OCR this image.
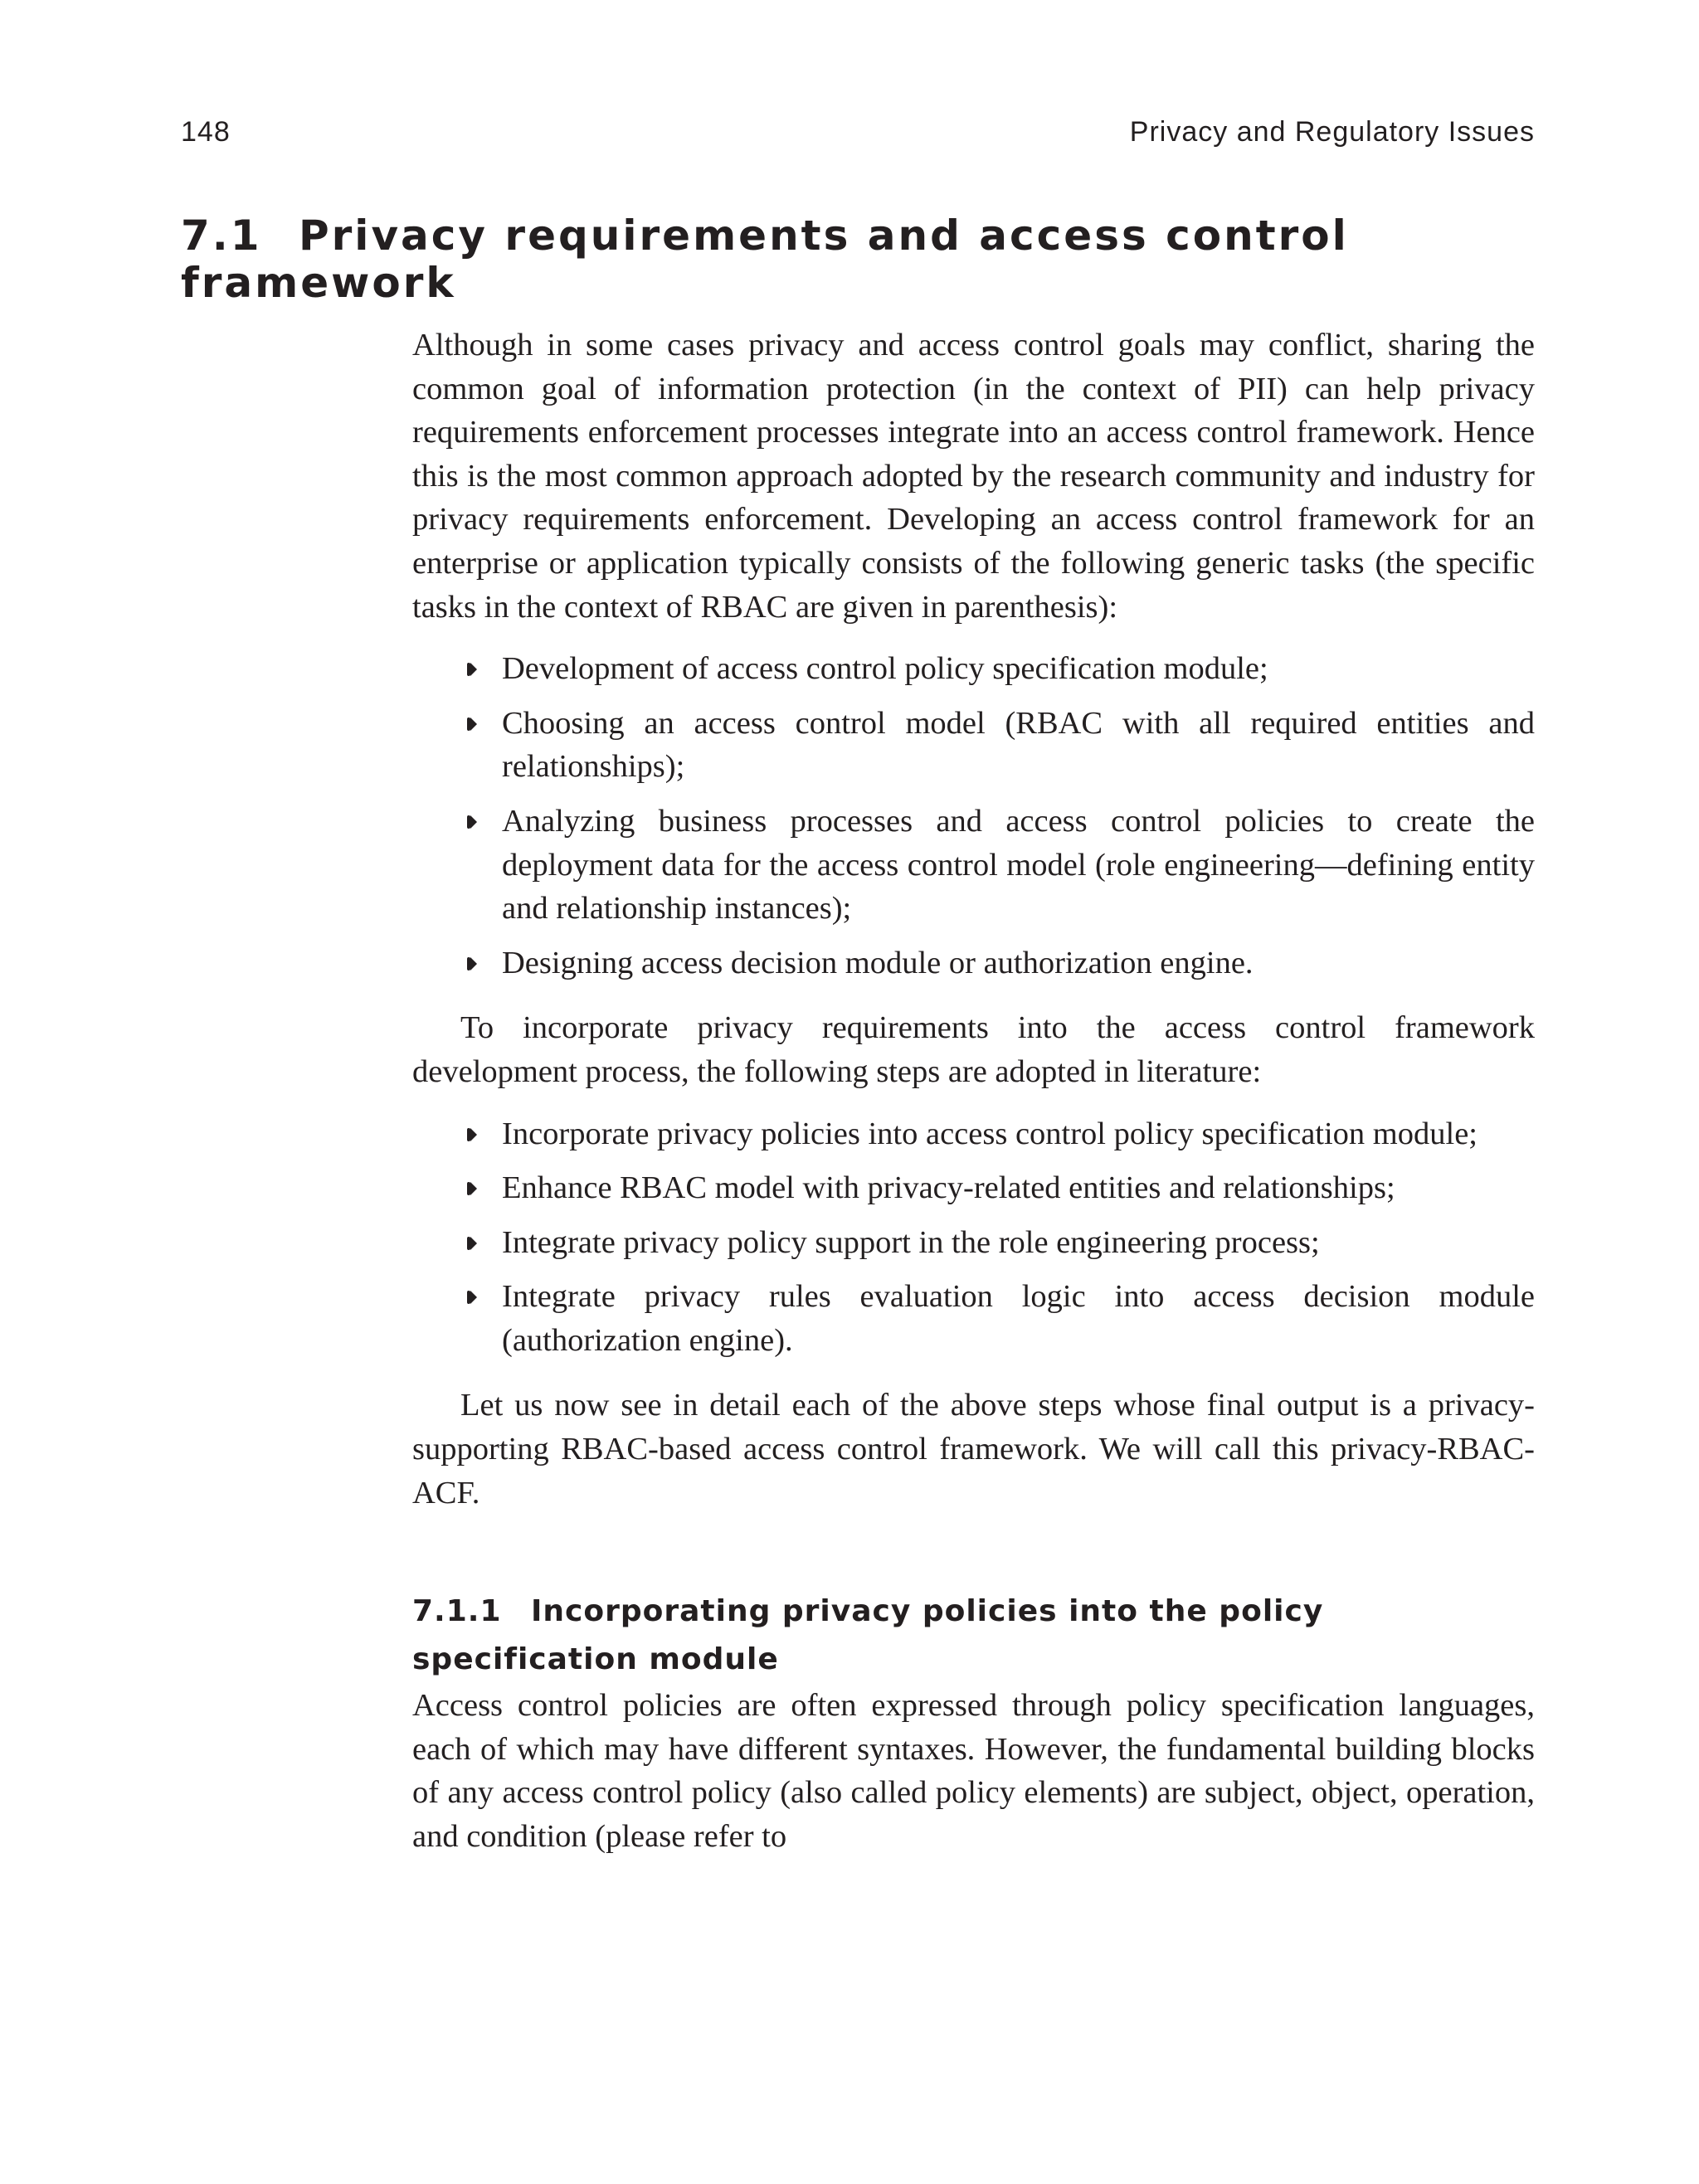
148	Privacy and Regulatory Issues
7.1 Privacy requirements and access control
framework

Although in some cases privacy and access control goals may conflict, sharing the common goal of information protection (in the context of PII) can help privacy requirements enforcement processes integrate into an access control framework. Hence this is the most common approach adopted by the research community and industry for privacy requirements enforcement. Developing an access control framework for an enterprise or application typically consists of the following generic tasks (the specific tasks in the context of RBAC are given in parenthesis):

Development of access control policy specification module;
Choosing an access control model (RBAC with all required entities and relationships);
Analyzing business processes and access control policies to create the deployment data for the access control model (role engineering—defining entity and relationship instances);
Designing access decision module or authorization engine.

To incorporate privacy requirements into the access control framework development process, the following steps are adopted in literature:

Incorporate privacy policies into access control policy specification module;
Enhance RBAC model with privacy-related entities and relationships;
Integrate privacy policy support in the role engineering process;
Integrate privacy rules evaluation logic into access decision module (authorization engine).

Let us now see in detail each of the above steps whose final output is a privacy-supporting RBAC-based access control framework. We will call this privacy-RBAC-ACF.

7.1.1 Incorporating privacy policies into the policy
specification module

Access control policies are often expressed through policy specification languages, each of which may have different syntaxes. However, the fundamental building blocks of any access control policy (also called policy elements) are subject, object, operation, and condition (please refer to
